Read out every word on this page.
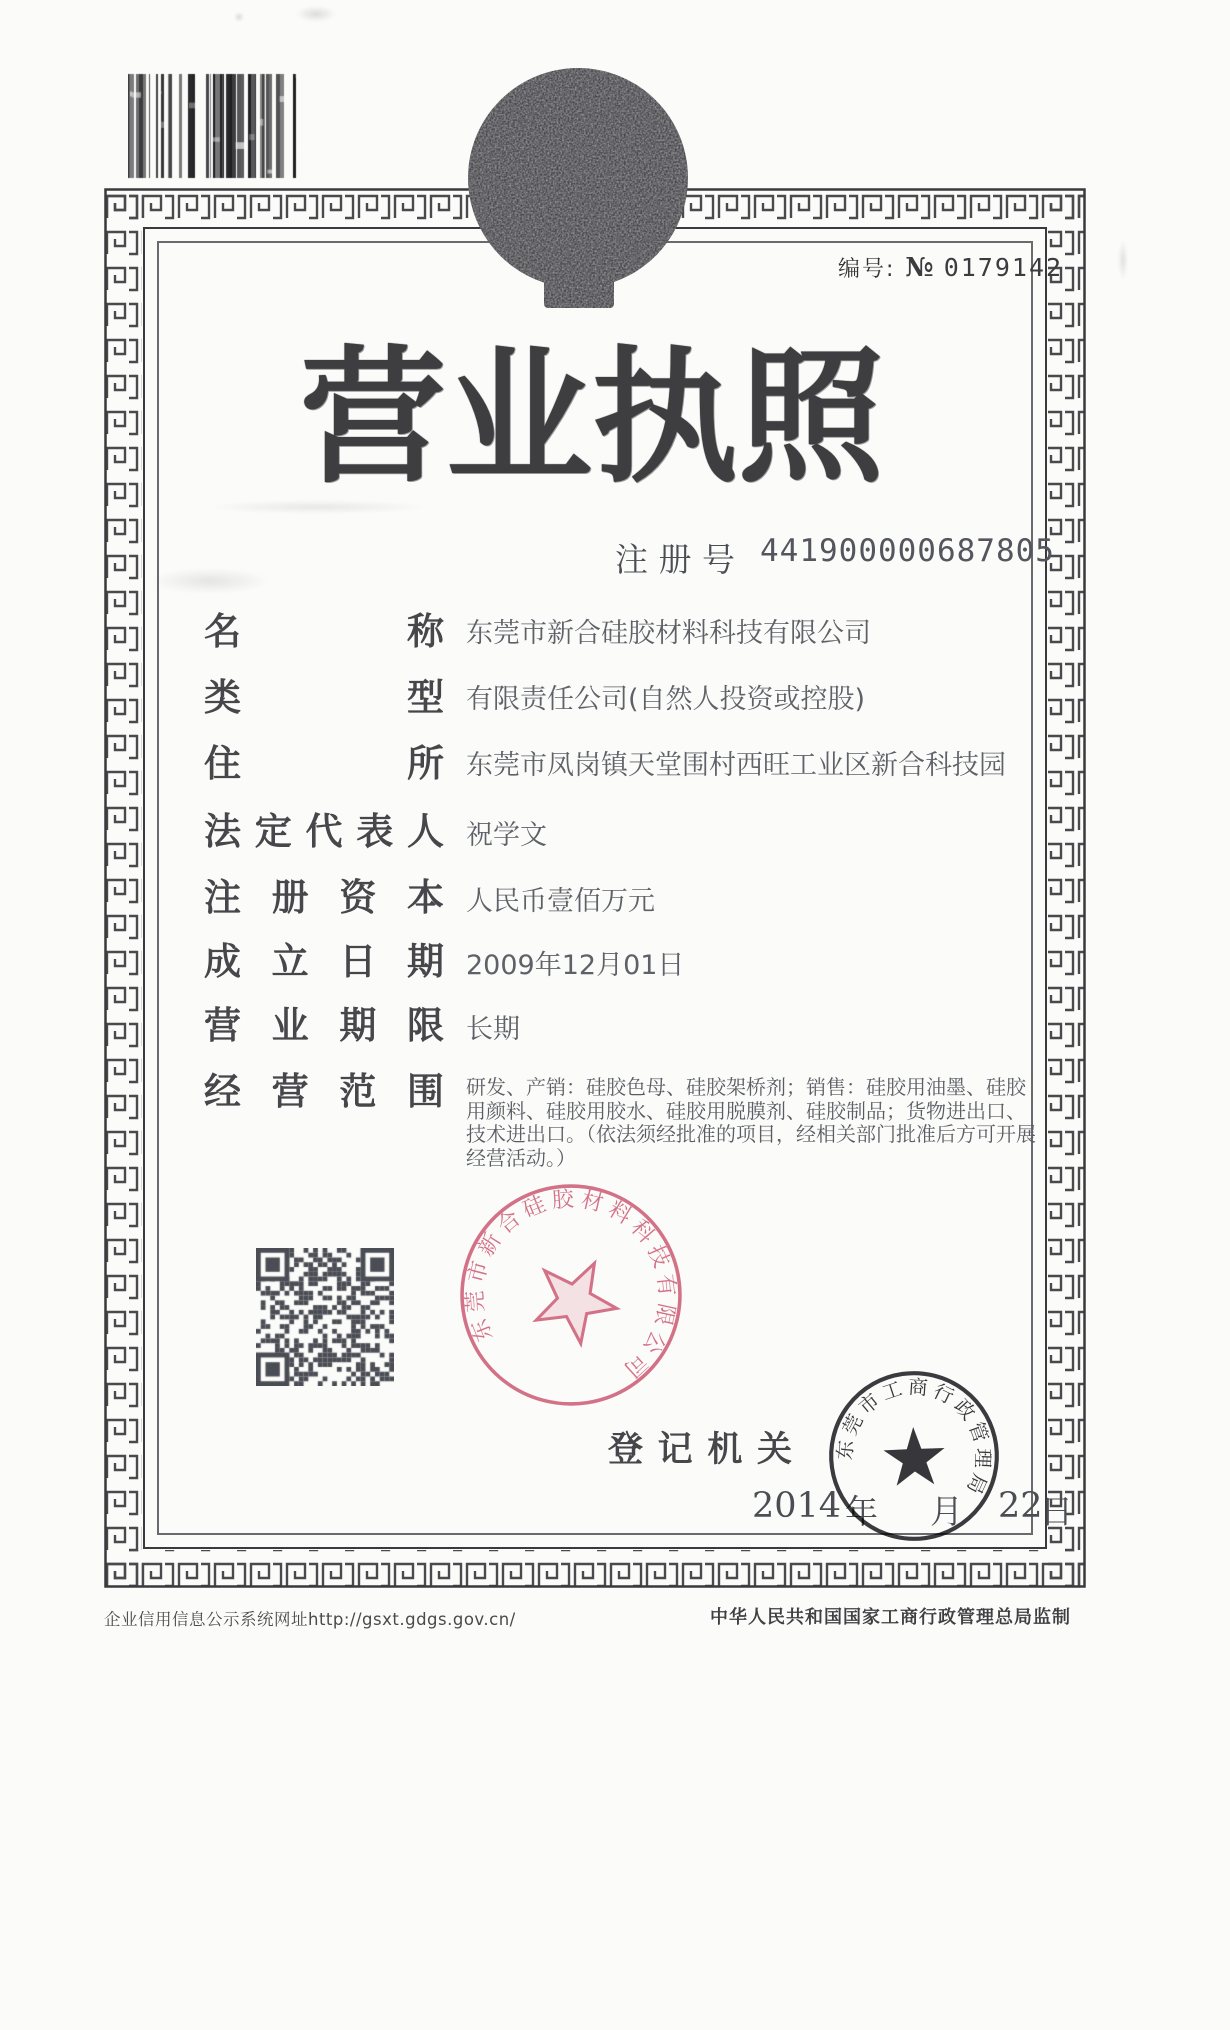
编号: № 0179142
营业执照
注册号 441900000687805
名称 东莞市新合硅胶材料科技有限公司
类型 有限责任公司(自然人投资或控股)
住所 东莞市凤岗镇天堂围村西旺工业区新合科技园
法定代表人 祝学文
注册资本 人民币壹佰万元
成立日期 2009年12月01日
营业期限 长期
经营范围 研发、产销：硅胶色母、硅胶架桥剂；销售：硅胶用油墨、硅胶用颜料、硅胶用胶水、硅胶用脱膜剂、硅胶制品；货物进出口、技术进出口。（依法须经批准的项目，经相关部门批准后方可开展经营活动。）
东莞市新合硅胶材料科技有限公司
登记机关
2014 年 月 22
日
东莞市工商行政管理局
企业信用信息公示系统网址http://gsxt.gdgs.gov.cn/	中华人民共和国国家工商行政管理总局监制
